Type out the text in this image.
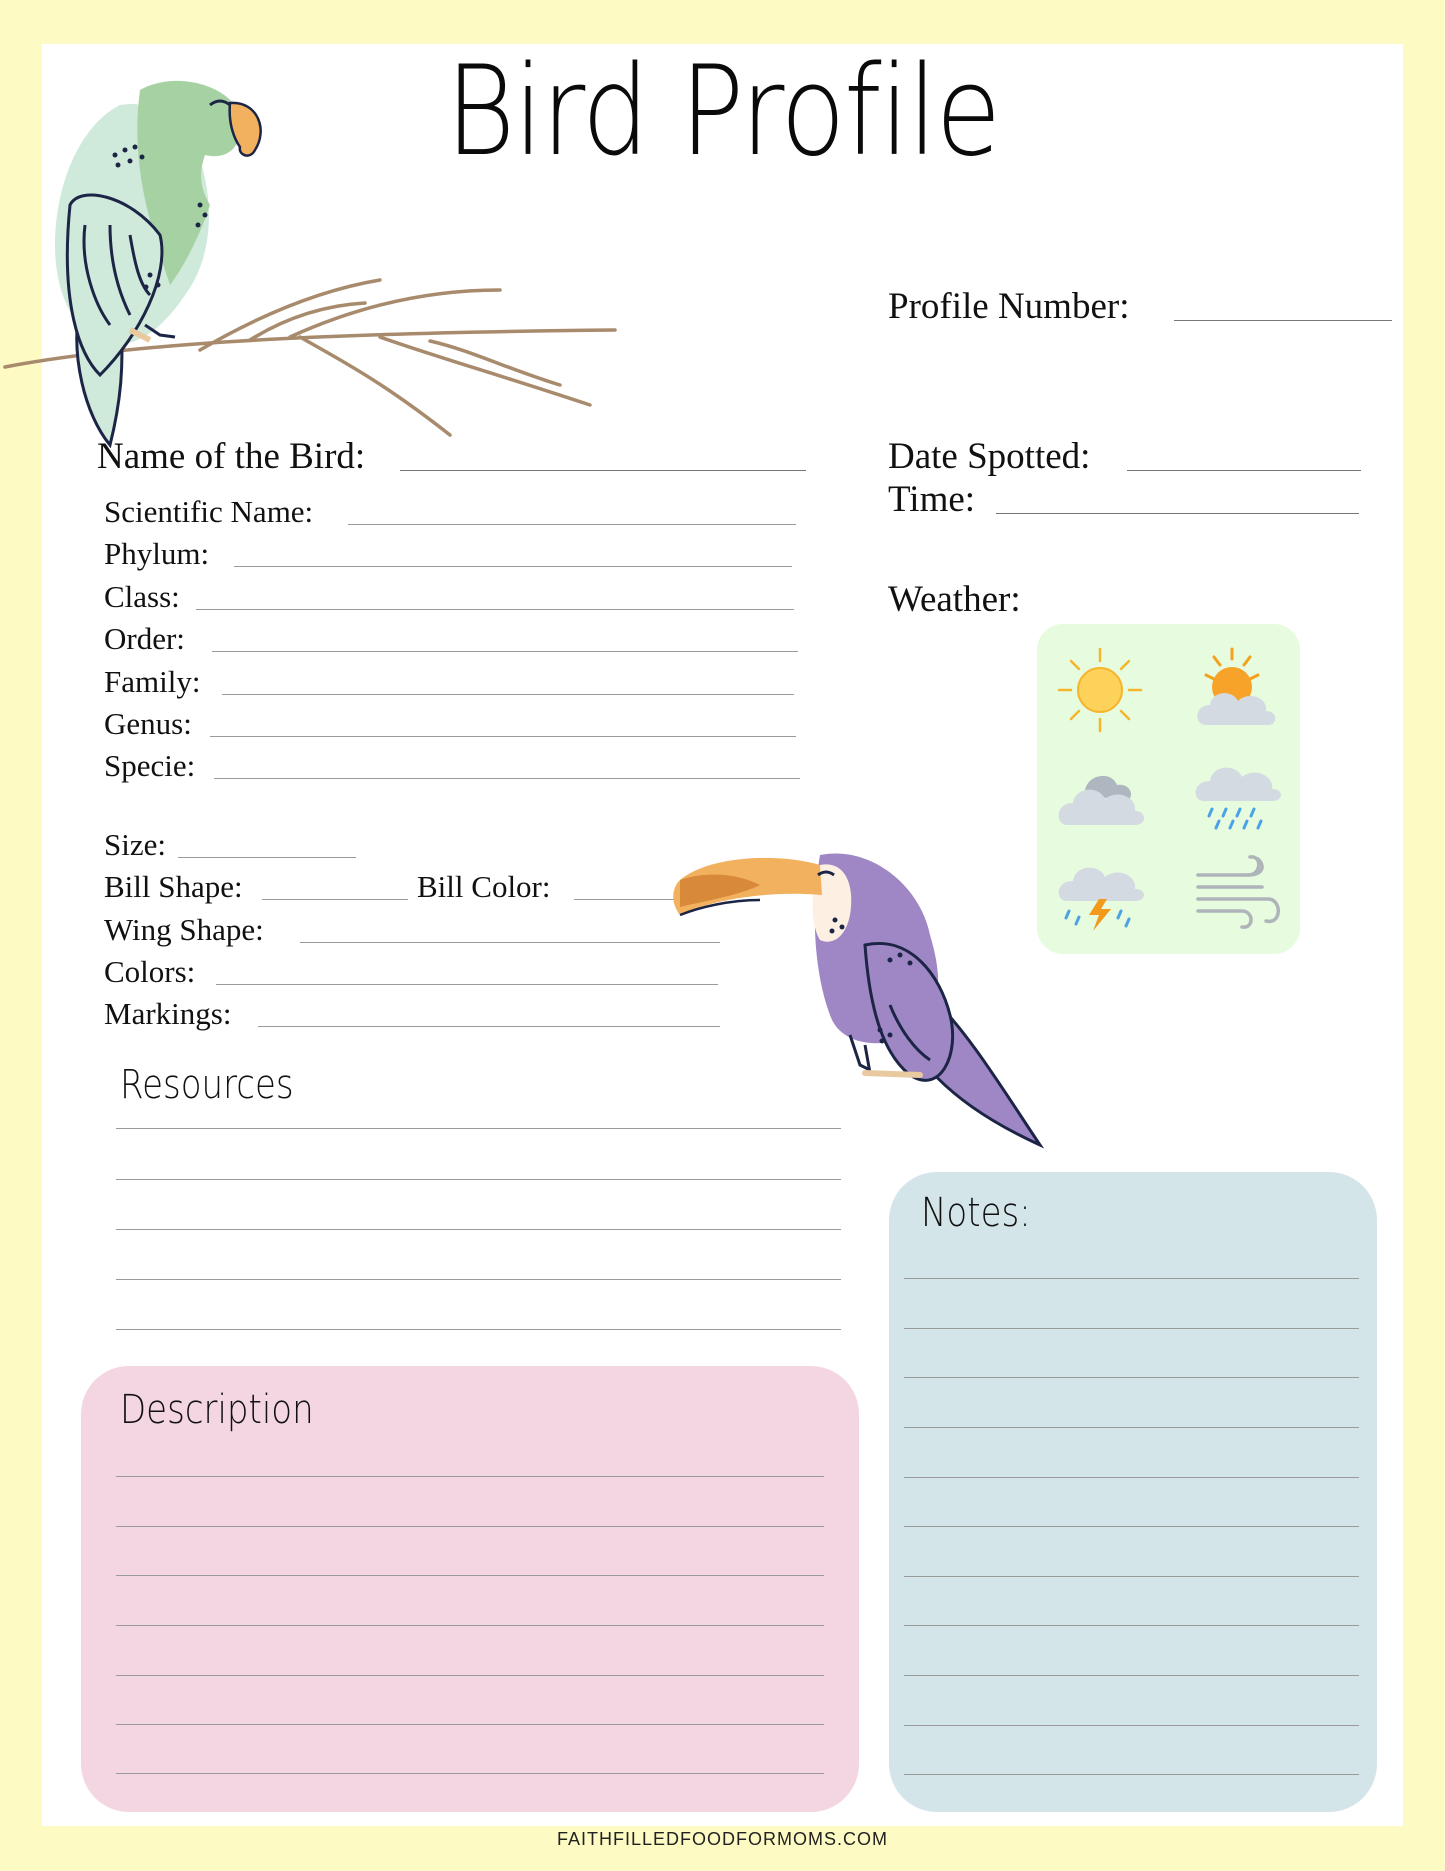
Bird Profile
Profile Number:
Date Spotted:
Time:
Weather:
Name of the Bird:
Scientific Name:
Phylum:
Class:
Order:
Family:
Genus:
Specie:
Size:
Bill Shape:	Bill Color:
Wing Shape:
Colors:
Markings:
Resources
Description
Notes:
FAITHFILLEDFOODFORMOMS.COM
